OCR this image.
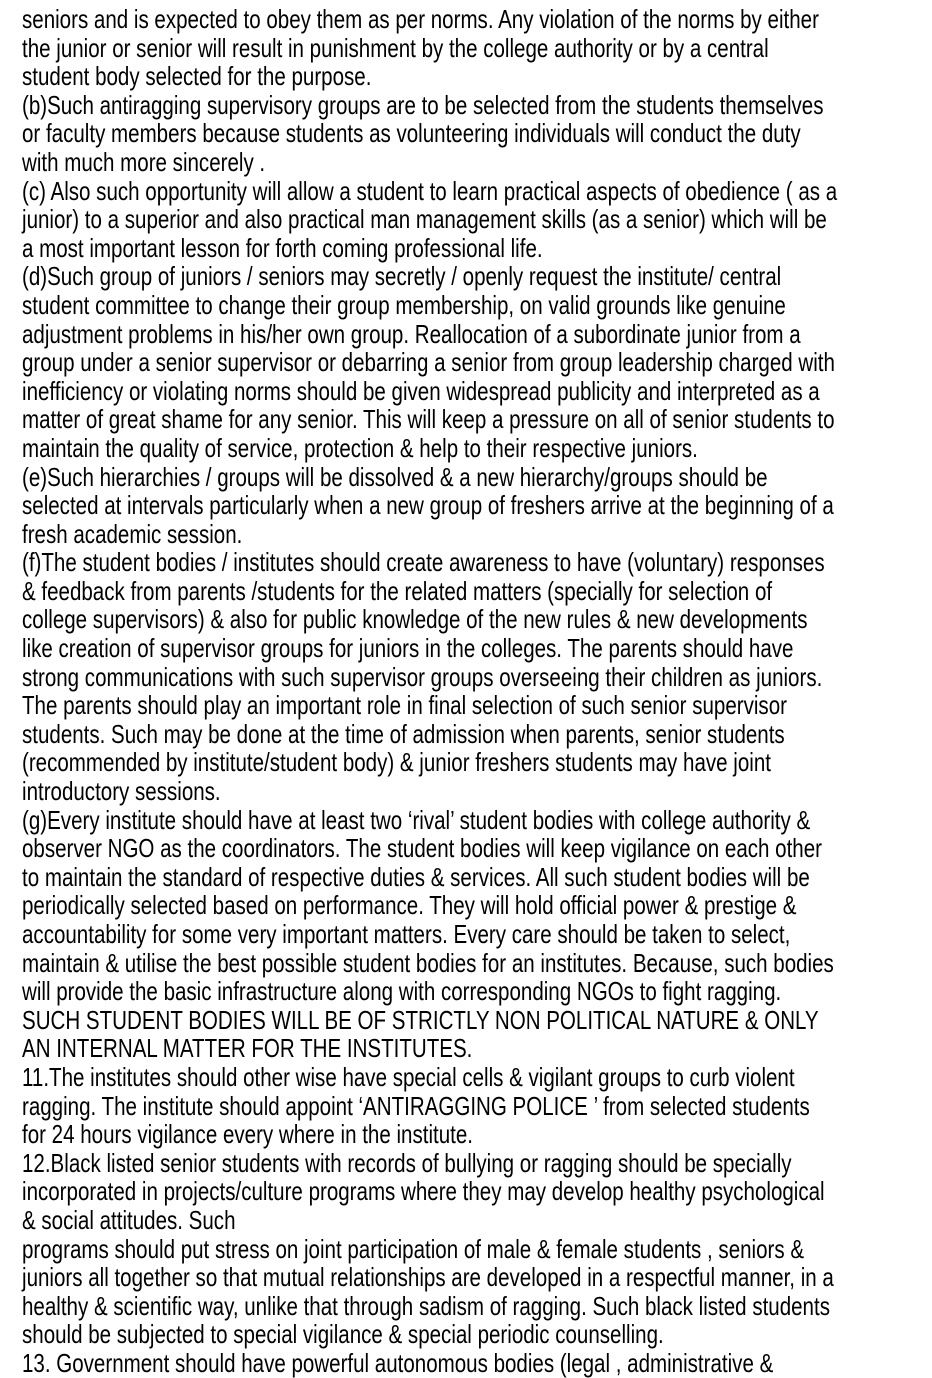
seniors and is expected to obey them as per norms. Any violation of the norms by either
the junior or senior will result in punishment by the college authority or by a central
student body selected for the purpose.
(b)Such antiragging supervisory groups are to be selected from the students themselves
or faculty members because students as volunteering individuals will conduct the duty
with much more sincerely .
(c) Also such opportunity will allow a student to learn practical aspects of obedience ( as a
junior) to a superior and also practical man management skills (as a senior) which will be
a most important lesson for forth coming professional life.
(d)Such group of juniors / seniors may secretly / openly request the institute/ central
student committee to change their group membership, on valid grounds like genuine
adjustment problems in his/her own group. Reallocation of a subordinate junior from a
group under a senior supervisor or debarring a senior from group leadership charged with
inefficiency or violating norms should be given widespread publicity and interpreted as a
matter of great shame for any senior. This will keep a pressure on all of senior students to
maintain the quality of service, protection & help to their respective juniors.
(e)Such hierarchies / groups will be dissolved & a new hierarchy/groups should be
selected at intervals particularly when a new group of freshers arrive at the beginning of a
fresh academic session.
(f)The student bodies / institutes should create awareness to have (voluntary) responses
& feedback from parents /students for the related matters (specially for selection of
college supervisors) & also for public knowledge of the new rules & new developments
like creation of supervisor groups for juniors in the colleges. The parents should have
strong communications with such supervisor groups overseeing their children as juniors.
The parents should play an important role in final selection of such senior supervisor
students. Such may be done at the time of admission when parents, senior students
(recommended by institute/student body) & junior freshers students may have joint
introductory sessions.
(g)Every institute should have at least two ‘rival’ student bodies with college authority &
observer NGO as the coordinators. The student bodies will keep vigilance on each other
to maintain the standard of respective duties & services. All such student bodies will be
periodically selected based on performance. They will hold official power & prestige &
accountability for some very important matters. Every care should be taken to select,
maintain & utilise the best possible student bodies for an institutes. Because, such bodies
will provide the basic infrastructure along with corresponding NGOs to fight ragging.
SUCH STUDENT BODIES WILL BE OF STRICTLY NON POLITICAL NATURE & ONLY
AN INTERNAL MATTER FOR THE INSTITUTES.
11.The institutes should other wise have special cells & vigilant groups to curb violent
ragging. The institute should appoint ‘ANTIRAGGING POLICE ’ from selected students
for 24 hours vigilance every where in the institute.
12.Black listed senior students with records of bullying or ragging should be specially
incorporated in projects/culture programs where they may develop healthy psychological
& social attitudes. Such
programs should put stress on joint participation of male & female students , seniors &
juniors all together so that mutual relationships are developed in a respectful manner, in a
healthy & scientific way, unlike that through sadism of ragging. Such black listed students
should be subjected to special vigilance & special periodic counselling.
13. Government should have powerful autonomous bodies (legal , administrative &
